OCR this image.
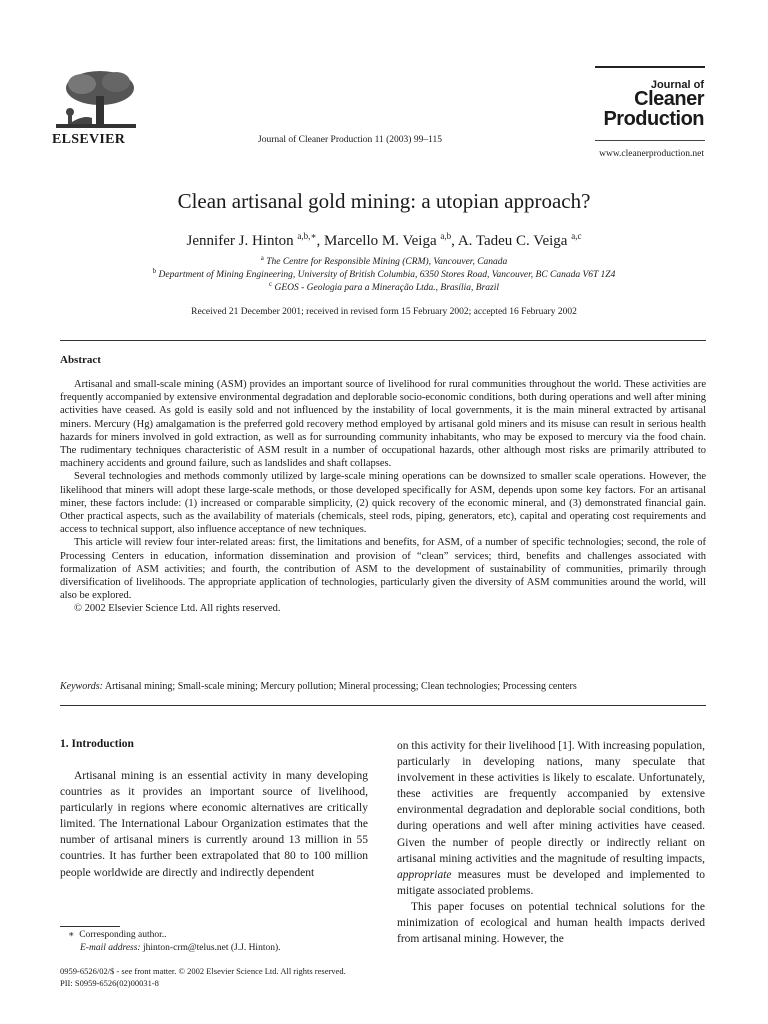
ELSEVIER	Journal of Cleaner Production 11 (2003) 99–115
Journal of
Cleaner
Production
www.cleanerproduction.net
Clean artisanal gold mining: a utopian approach?
Jennifer J. Hinton $^{a,b,∗}$, Marcello M. Veiga $^{a,b}$, A. Tadeu C. Veiga $^{a,c}$
$^a$ The Centre for Responsible Mining (CRM), Vancouver, Canada
$^b$ Department of Mining Engineering, University of British Columbia, 6350 Stores Road, Vancouver, BC Canada V6T 1Z4
$^c$ GEOS - Geologia para a Mineração Ltda., Brasília, Brazil
Received 21 December 2001; received in revised form 15 February 2002; accepted 16 February 2002
Abstract

Artisanal and small-scale mining (ASM) provides an important source of livelihood for rural communities throughout the world. These activities are frequently accompanied by extensive environmental degradation and deplorable socio-economic conditions, both during operations and well after mining activities have ceased. As gold is easily sold and not influenced by the instability of local governments, it is the main mineral extracted by artisanal miners. Mercury (Hg) amalgamation is the preferred gold recovery method employed by artisanal gold miners and its misuse can result in serious health hazards for miners involved in gold extraction, as well as for surrounding community inhabitants, who may be exposed to mercury via the food chain. The rudimentary techniques characteristic of ASM result in a number of occupational hazards, other although most risks are primarily attributed to machinery accidents and ground failure, such as landslides and shaft collapses.

Several technologies and methods commonly utilized by large-scale mining operations can be downsized to smaller scale operations. However, the likelihood that miners will adopt these large-scale methods, or those developed specifically for ASM, depends upon some key factors. For an artisanal miner, these factors include: (1) increased or comparable simplicity, (2) quick recovery of the economic mineral, and (3) demonstrated financial gain. Other practical aspects, such as the availability of materials (chemicals, steel rods, piping, generators, etc), capital and operating cost requirements and access to technical support, also influence acceptance of new techniques.

This article will review four inter-related areas: first, the limitations and benefits, for ASM, of a number of specific technologies; second, the role of Processing Centers in education, information dissemination and provision of “clean” services; third, benefits and challenges associated with formalization of ASM activities; and fourth, the contribution of ASM to the development of sustainability of communities, primarily through diversification of livelihoods. The appropriate application of technologies, particularly given the diversity of ASM communities around the world, will also be explored.

© 2002 Elsevier Science Ltd. All rights reserved.

Keywords: Artisanal mining; Small-scale mining; Mercury pollution; Mineral processing; Clean technologies; Processing centers
1. Introduction

Artisanal mining is an essential activity in many developing countries as it provides an important source of livelihood, particularly in regions where economic alternatives are critically limited. The International Labour Organization estimates that the number of artisanal miners is currently around 13 million in 55 countries. It has further been extrapolated that 80 to 100 million people worldwide are directly and indirectly dependent

on this activity for their livelihood [1]. With increasing population, particularly in developing nations, many speculate that involvement in these activities is likely to escalate. Unfortunately, these activities are frequently accompanied by extensive environmental degradation and deplorable social conditions, both during operations and well after mining activities have ceased. Given the number of people directly or indirectly reliant on artisanal mining activities and the magnitude of resulting impacts, appropriate measures must be developed and implemented to mitigate associated problems.

This paper focuses on potential technical solutions for the minimization of ecological and human health impacts derived from artisanal mining. However, the

∗ Corresponding author..
E-mail address: jhinton-crm@telus.net (J.J. Hinton).
0959-6526/02/$ - see front matter. © 2002 Elsevier Science Ltd. All rights reserved.
PII: S0959-6526(02)00031-8
